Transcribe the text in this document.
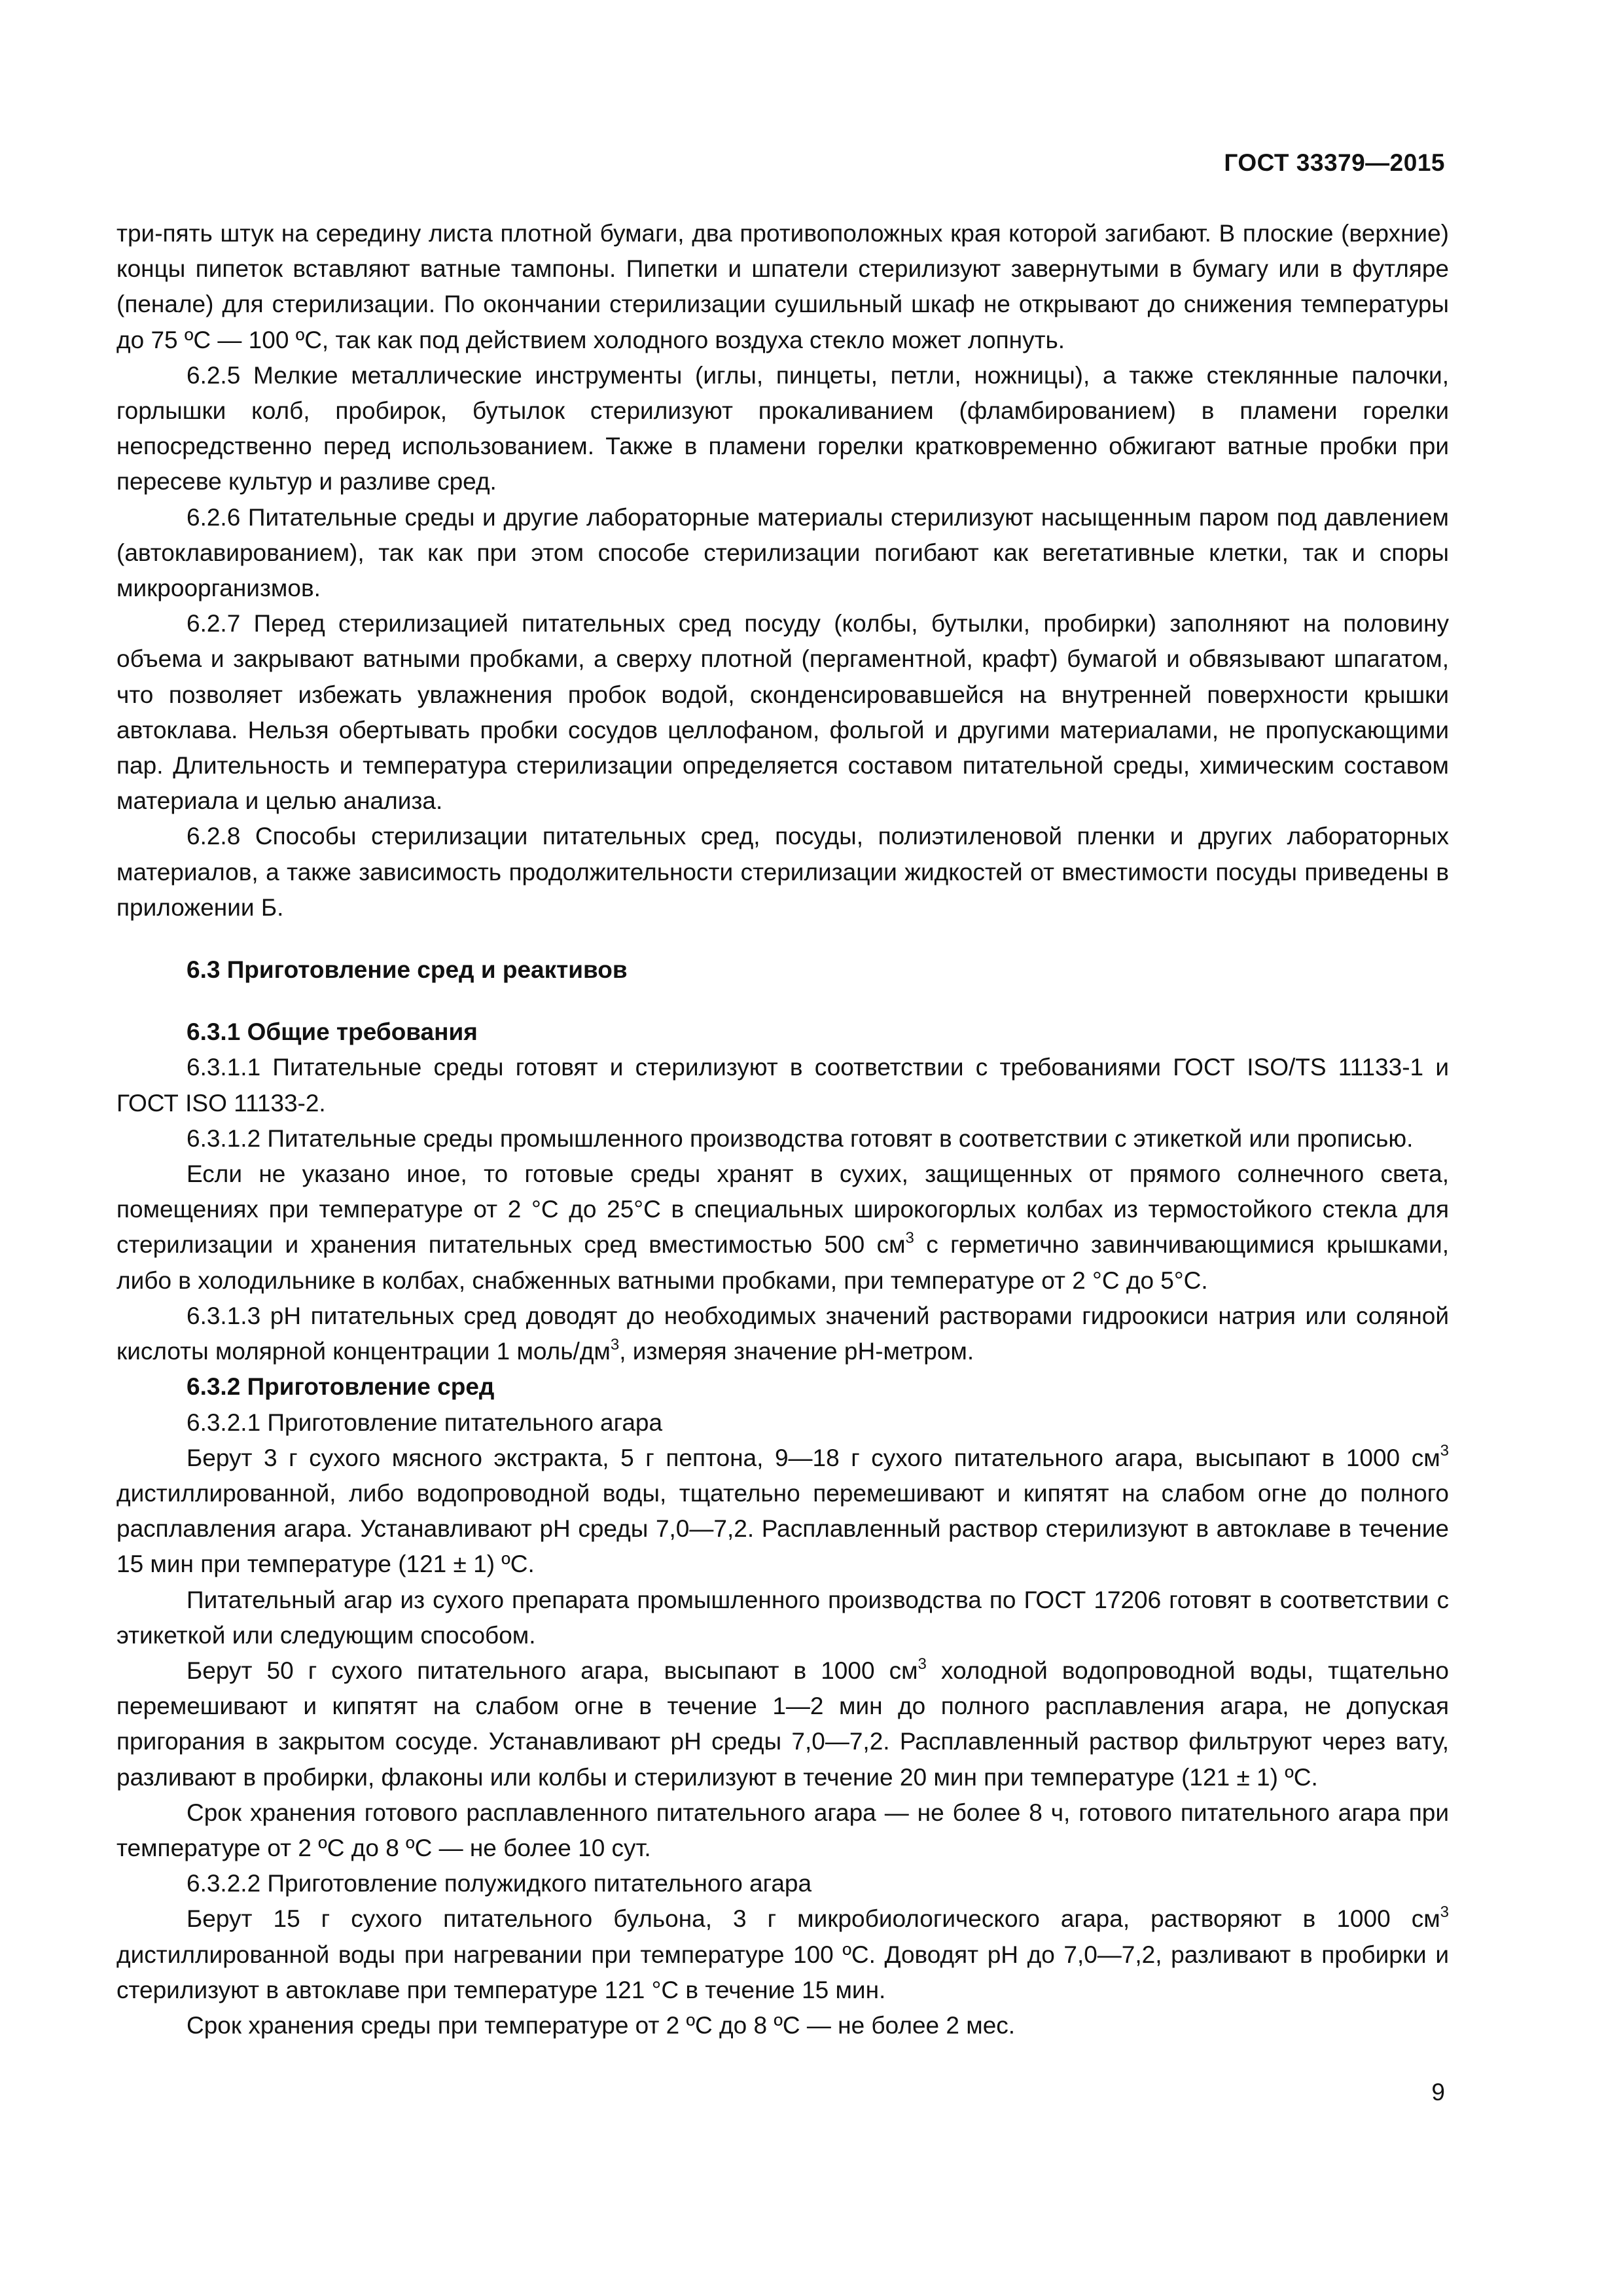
ГОСТ 33379—2015

три-пять штук на середину листа плотной бумаги, два противоположных края которой загибают. В плоские (верхние) концы пипеток вставляют ватные тампоны. Пипетки и шпатели стерилизуют завернутыми в бумагу или в футляре (пенале) для стерилизации. По окончании стерилизации сушильный шкаф не открывают до снижения температуры до 75 ºС — 100 ºС, так как под действием холодного воздуха стекло может лопнуть.

6.2.5 Мелкие металлические инструменты (иглы, пинцеты, петли, ножницы), а также стеклянные палочки, горлышки колб, пробирок, бутылок стерилизуют прокаливанием (фламбированием) в пламени горелки непосредственно перед использованием. Также в пламени горелки кратковременно обжигают ватные пробки при пересеве культур и разливе сред.

6.2.6 Питательные среды и другие лабораторные материалы стерилизуют насыщенным паром под давлением (автоклавированием), так как при этом способе стерилизации погибают как вегетативные клетки, так и споры микроорганизмов.

6.2.7 Перед стерилизацией питательных сред посуду (колбы, бутылки, пробирки) заполняют на половину объема и закрывают ватными пробками, а сверху плотной (пергаментной, крафт) бумагой и обвязывают шпагатом, что позволяет избежать увлажнения пробок водой, сконденсировавшейся на внутренней поверхности крышки автоклава. Нельзя обертывать пробки сосудов целлофаном, фольгой и другими материалами, не пропускающими пар. Длительность и температура стерилизации определяется составом питательной среды, химическим составом материала и целью анализа.

6.2.8 Способы стерилизации питательных сред, посуды, полиэтиленовой пленки и других лабораторных материалов, а также зависимость продолжительности стерилизации жидкостей от вместимости посуды приведены в приложении Б.

6.3 Приготовление сред и реактивов

6.3.1 Общие требования

6.3.1.1 Питательные среды готовят и стерилизуют в соответствии с требованиями ГОСТ ISO/TS 11133-1 и ГОСТ ISO 11133-2.

6.3.1.2 Питательные среды промышленного производства готовят в соответствии с этикеткой или прописью.

Если не указано иное, то готовые среды хранят в сухих, защищенных от прямого солнечного света, помещениях при температуре от 2 °С до 25°С в специальных широкогорлых колбах из термостойкого стекла для стерилизации и хранения питательных сред вместимостью 500 $см^3$ с герметично завинчивающимися крышками, либо в холодильнике в колбах, снабженных ватными пробками, при температуре от 2 °С до 5°С.

6.3.1.3 рН питательных сред доводят до необходимых значений растворами гидроокиси натрия или соляной кислоты молярной концентрации 1 моль/$дм^3$, измеряя значение рН-метром.

6.3.2 Приготовление сред

6.3.2.1 Приготовление питательного агара

Берут 3 г сухого мясного экстракта, 5 г пептона, 9—18 г сухого питательного агара, высыпают в 1000 $см^3$ дистиллированной, либо водопроводной воды, тщательно перемешивают и кипятят на слабом огне до полного расплавления агара. Устанавливают рН среды 7,0—7,2. Расплавленный раствор стерилизуют в автоклаве в течение 15 мин при температуре (121 ± 1) ºС.

Питательный агар из сухого препарата промышленного производства по ГОСТ 17206 готовят в соответствии с этикеткой или следующим способом.

Берут 50 г сухого питательного агара, высыпают в 1000 $см^3$ холодной водопроводной воды, тщательно перемешивают и кипятят на слабом огне в течение 1—2 мин до полного расплавления агара, не допуская пригорания в закрытом сосуде. Устанавливают рН среды 7,0—7,2. Расплавленный раствор фильтруют через вату, разливают в пробирки, флаконы или колбы и стерилизуют в течение 20 мин при температуре (121 ± 1) ºС.

Срок хранения готового расплавленного питательного агара — не более 8 ч, готового питательного агара при температуре от 2 ºС до 8 ºС — не более 10 сут.

6.3.2.2 Приготовление полужидкого питательного агара

Берут 15 г сухого питательного бульона, 3 г микробиологического агара, растворяют в 1000 $см^3$ дистиллированной воды при нагревании при температуре 100 ºС. Доводят рН до 7,0—7,2, разливают в пробирки и стерилизуют в автоклаве при температуре 121 °С в течение 15 мин.

Срок хранения среды при температуре от 2 ºС до 8 ºС — не более 2 мес.

9
